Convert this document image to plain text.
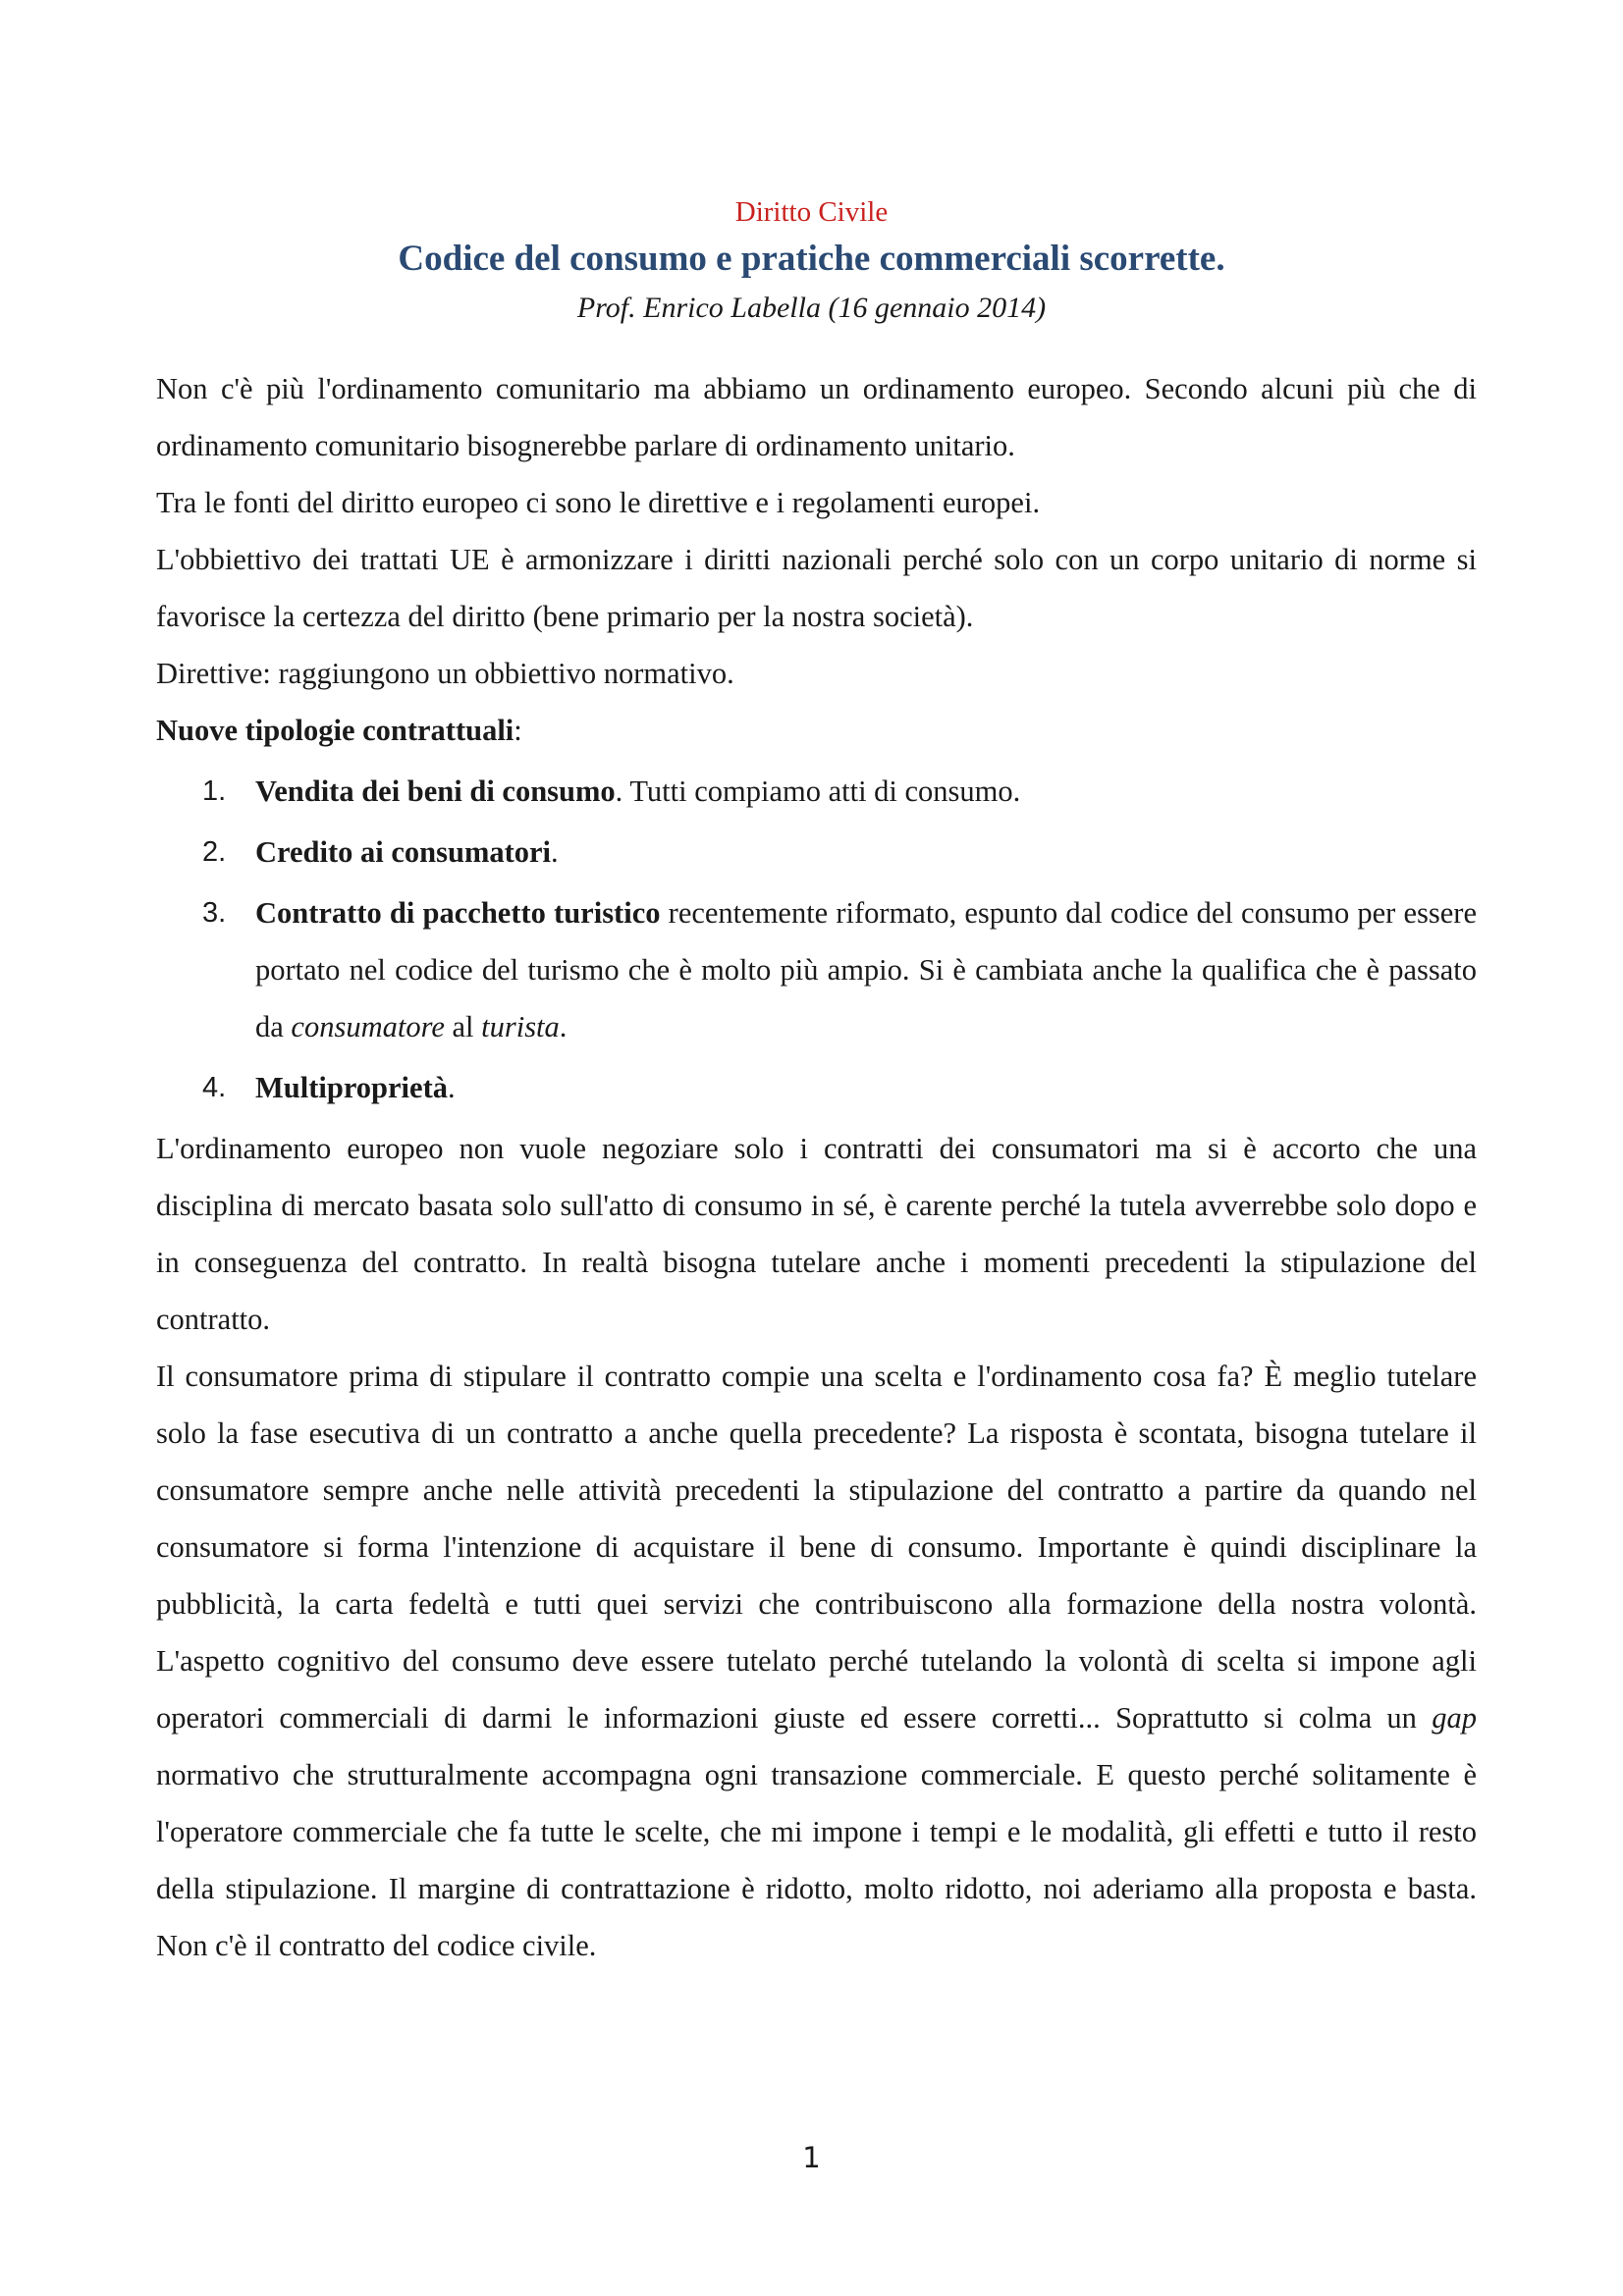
Diritto Civile
Codice del consumo e pratiche commerciali scorrette.
Prof. Enrico Labella (16 gennaio 2014)

Non c'è più l'ordinamento comunitario ma abbiamo un ordinamento europeo. Secondo alcuni più che di ordinamento comunitario bisognerebbe parlare di ordinamento unitario.

Tra le fonti del diritto europeo ci sono le direttive e i regolamenti europei.

L'obbiettivo dei trattati UE è armonizzare i diritti nazionali perché solo con un corpo unitario di norme si favorisce la certezza del diritto (bene primario per la nostra società).

Direttive: raggiungono un obbiettivo normativo.

Nuove tipologie contrattuali:

1. Vendita dei beni di consumo. Tutti compiamo atti di consumo.
2. Credito ai consumatori.
3. Contratto di pacchetto turistico recentemente riformato, espunto dal codice del consumo per essere portato nel codice del turismo che è molto più ampio. Si è cambiata anche la qualifica che è passato da consumatore al turista.
4. Multiproprietà.

L'ordinamento europeo non vuole negoziare solo i contratti dei consumatori ma si è accorto che una disciplina di mercato basata solo sull'atto di consumo in sé, è carente perché la tutela avverrebbe solo dopo e in conseguenza del contratto. In realtà bisogna tutelare anche i momenti precedenti la stipulazione del contratto.

Il consumatore prima di stipulare il contratto compie una scelta e l'ordinamento cosa fa? È meglio tutelare solo la fase esecutiva di un contratto a anche quella precedente? La risposta è scontata, bisogna tutelare il consumatore sempre anche nelle attività precedenti la stipulazione del contratto a partire da quando nel consumatore si forma l'intenzione di acquistare il bene di consumo. Importante è quindi disciplinare la pubblicità, la carta fedeltà e tutti quei servizi che contribuiscono alla formazione della nostra volontà. L'aspetto cognitivo del consumo deve essere tutelato perché tutelando la volontà di scelta si impone agli operatori commerciali di darmi le informazioni giuste ed essere corretti... Soprattutto si colma un gap normativo che strutturalmente accompagna ogni transazione commerciale. E questo perché solitamente è l'operatore commerciale che fa tutte le scelte, che mi impone i tempi e le modalità, gli effetti e tutto il resto della stipulazione. Il margine di contrattazione è ridotto, molto ridotto, noi aderiamo alla proposta e basta. Non c'è il contratto del codice civile.

1
